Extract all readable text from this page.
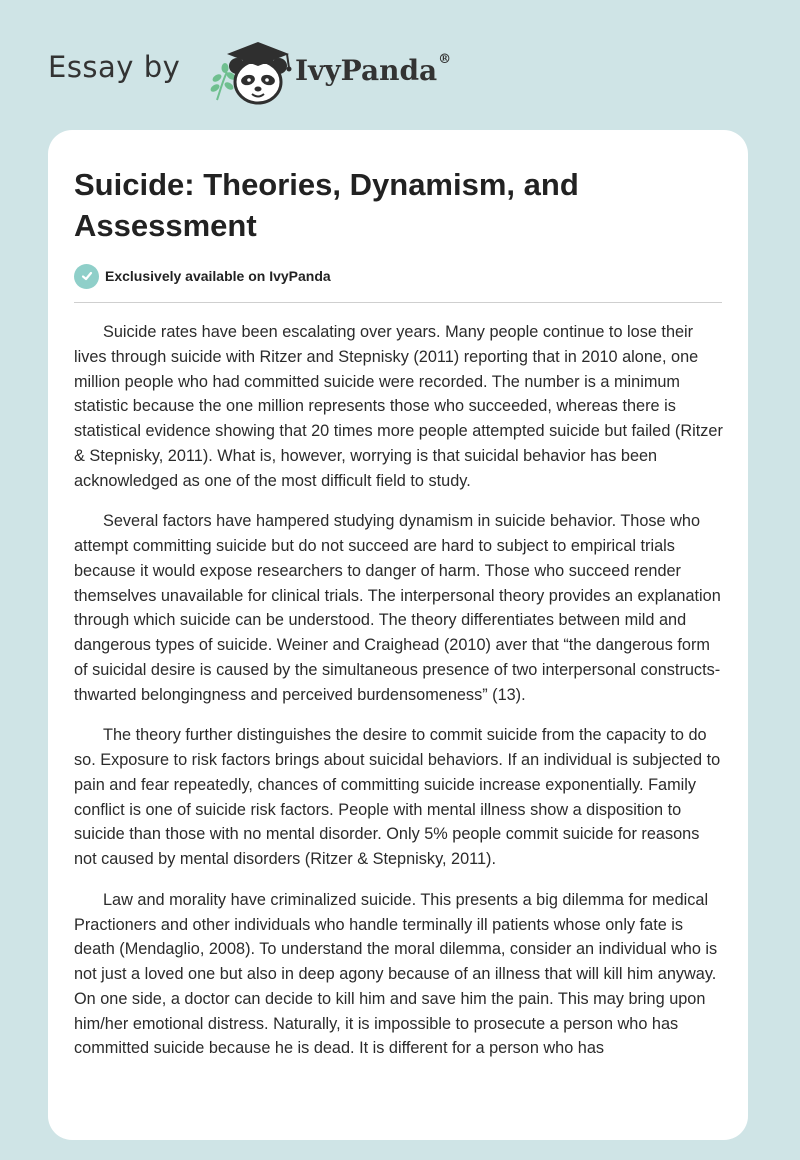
Essay by	IvyPanda®
Suicide: Theories, Dynamism, and Assessment
Exclusively available on IvyPanda

Suicide rates have been escalating over years. Many people continue to lose their lives through suicide with Ritzer and Stepnisky (2011) reporting that in 2010 alone, one million people who had committed suicide were recorded. The number is a minimum statistic because the one million represents those who succeeded, whereas there is statistical evidence showing that 20 times more people attempted suicide but failed (Ritzer & Stepnisky, 2011). What is, however, worrying is that suicidal behavior has been acknowledged as one of the most difficult field to study.

Several factors have hampered studying dynamism in suicide behavior. Those who attempt committing suicide but do not succeed are hard to subject to empirical trials because it would expose researchers to danger of harm. Those who succeed render themselves unavailable for clinical trials. The interpersonal theory provides an explanation through which suicide can be understood. The theory differentiates between mild and dangerous types of suicide. Weiner and Craighead (2010) aver that “the dangerous form of suicidal desire is caused by the simultaneous presence of two interpersonal constructs-thwarted belongingness and perceived burdensomeness” (13).

The theory further distinguishes the desire to commit suicide from the capacity to do so. Exposure to risk factors brings about suicidal behaviors. If an individual is subjected to pain and fear repeatedly, chances of committing suicide increase exponentially. Family conflict is one of suicide risk factors. People with mental illness show a disposition to suicide than those with no mental disorder. Only 5% people commit suicide for reasons not caused by mental disorders (Ritzer & Stepnisky, 2011).

Law and morality have criminalized suicide. This presents a big dilemma for medical Practioners and other individuals who handle terminally ill patients whose only fate is death (Mendaglio, 2008). To understand the moral dilemma, consider an individual who is not just a loved one but also in deep agony because of an illness that will kill him anyway. On one side, a doctor can decide to kill him and save him the pain. This may bring upon him/her emotional distress. Naturally, it is impossible to prosecute a person who has committed suicide because he is dead. It is different for a person who has
